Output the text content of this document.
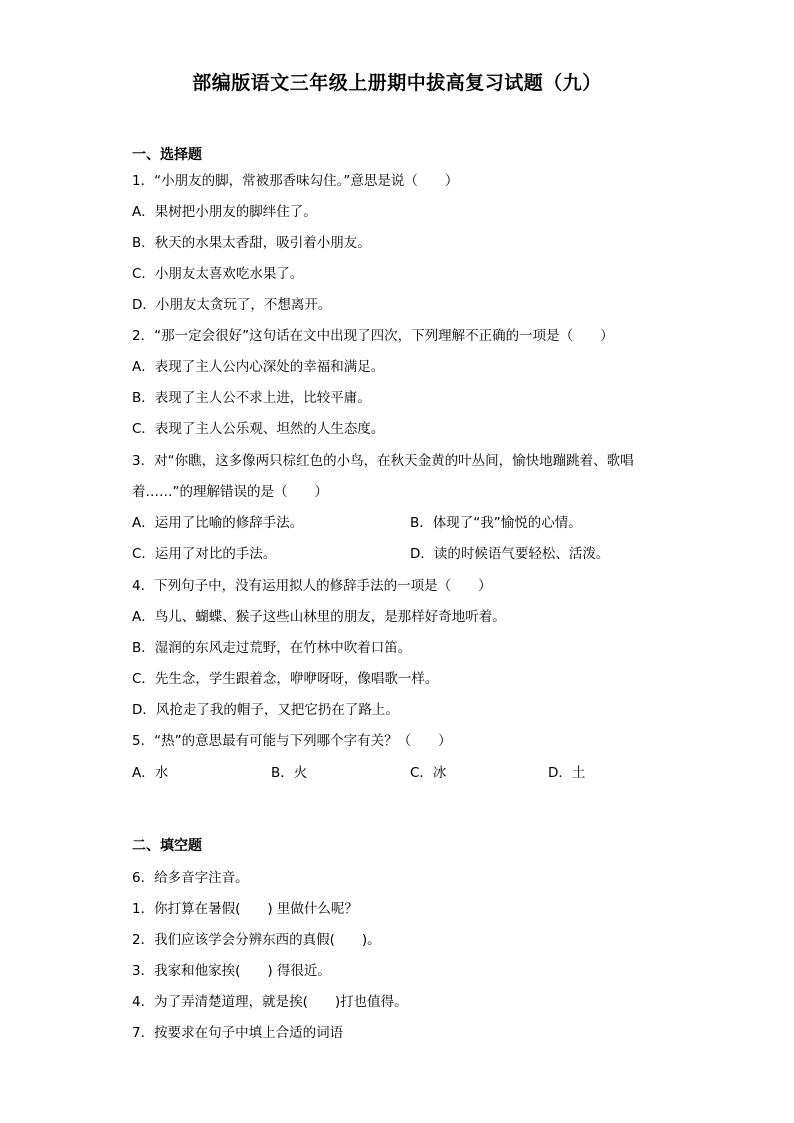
部编版语文三年级上册期中拔高复习试题（九）
一、选择题
1．“小朋友的脚，常被那香味勾住。”意思是说（　　）
A．果树把小朋友的脚绊住了。
B．秋天的水果太香甜，吸引着小朋友。
C．小朋友太喜欢吃水果了。
D．小朋友太贪玩了，不想离开。
2．“那一定会很好”这句话在文中出现了四次，下列理解不正确的一项是（　　）
A．表现了主人公内心深处的幸福和满足。
B．表现了主人公不求上进，比较平庸。
C．表现了主人公乐观、坦然的人生态度。
3．对“你瞧，这多像两只棕红色的小鸟，在秋天金黄的叶丛间，愉快地蹦跳着、歌唱
着……”的理解错误的是（　　）
A．运用了比喻的修辞手法。	B．体现了“我”愉悦的心情。
C．运用了对比的手法。	D．读的时候语气要轻松、活泼。
4．下列句子中，没有运用拟人的修辞手法的一项是（　　）
A．鸟儿、蝴蝶、猴子这些山林里的朋友，是那样好奇地听着。
B．湿润的东风走过荒野，在竹林中吹着口笛。
C．先生念，学生跟着念，咿咿呀呀，像唱歌一样。
D．风抢走了我的帽子，又把它扔在了路上。
5．“热”的意思最有可能与下列哪个字有关？（　　）
A．水	B．火	C．冰	D．土
二、填空题
6．给多音字注音。
1．你打算在暑假(　　) 里做什么呢？
2．我们应该学会分辨东西的真假(　　)。
3．我家和他家挨(　　) 得很近。
4．为了弄清楚道理，就是挨(　　)打也值得。
7．按要求在句子中填上合适的词语
